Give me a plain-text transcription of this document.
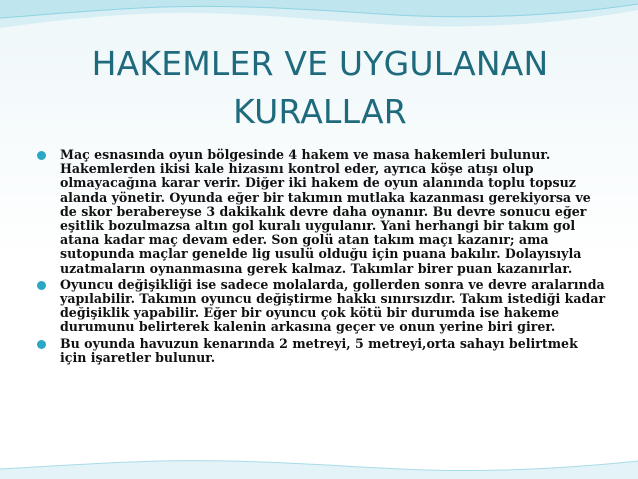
HAKEMLER VE UYGULANAN
KURALLAR
Maç esnasında oyun bölgesinde 4 hakem ve masa hakemleri bulunur. Hakemlerden ikisi kale hizasını kontrol eder, ayrıca köşe atışı olup olmayacağına karar verir. Diğer iki hakem de oyun alanında toplu topsuz alanda yönetir. Oyunda eğer bir takımın mutlaka kazanması gerekiyorsa ve de skor berabereyse 3 dakikalık devre daha oynanır. Bu devre sonucu eğer eşitlik bozulmazsa altın gol kuralı uygulanır. Yani herhangi bir takım gol atana kadar maç devam eder. Son golü atan takım maçı kazanır; ama sutopunda maçlar genelde lig usulü olduğu için puana bakılır. Dolayısıyla uzatmaların oynanmasına gerek kalmaz. Takımlar birer puan kazanırlar.
Oyuncu değişikliği ise sadece molalarda, gollerden sonra ve devre aralarında yapılabilir. Takımın oyuncu değiştirme hakkı sınırsızdır. Takım istediği kadar değişiklik yapabilir. Eğer bir oyuncu çok kötü bir durumda ise hakeme durumunu belirterek kalenin arkasına geçer ve onun yerine biri girer.
Bu oyunda havuzun kenarında 2 metreyi, 5 metreyi,orta sahayı belirtmek için işaretler bulunur.
